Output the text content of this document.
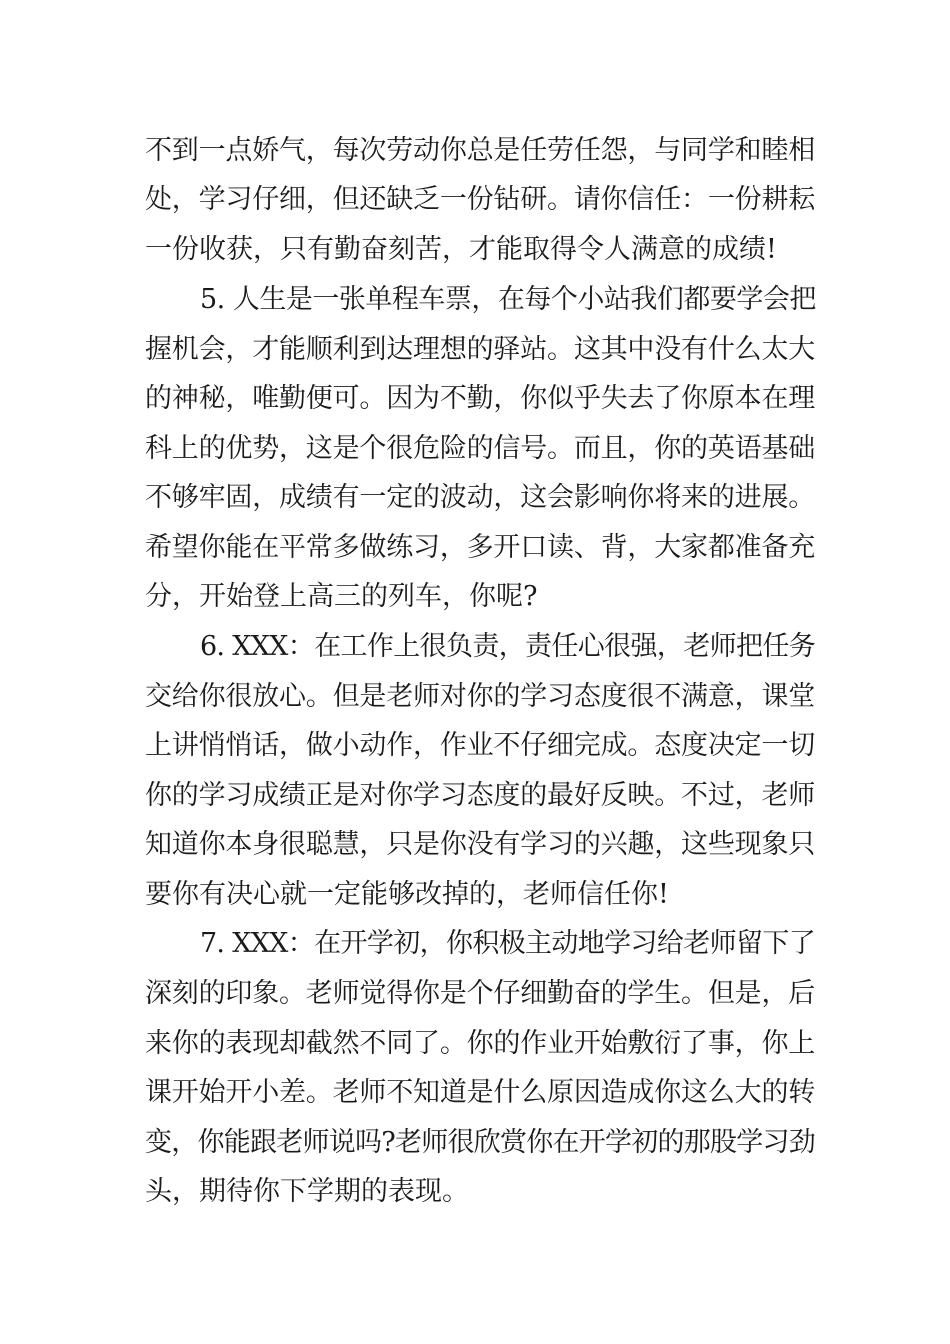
不到一点娇气，每次劳动你总是任劳任怨，与同学和睦相
处，学习仔细，但还缺乏一份钻研。请你信任：一份耕耘
一份收获，只有勤奋刻苦，才能取得令人满意的成绩!
5. 人生是一张单程车票，在每个小站我们都要学会把
握机会，才能顺利到达理想的驿站。这其中没有什么太大
的神秘，唯勤便可。因为不勤，你似乎失去了你原本在理
科上的优势，这是个很危险的信号。而且，你的英语基础
不够牢固，成绩有一定的波动，这会影响你将来的进展。
希望你能在平常多做练习，多开口读、背，大家都准备充
分，开始登上高三的列车，你呢?
6. XXX：在工作上很负责，责任心很强，老师把任务
交给你很放心。但是老师对你的学习态度很不满意，课堂
上讲悄悄话，做小动作，作业不仔细完成。态度决定一切
你的学习成绩正是对你学习态度的最好反映。不过，老师
知道你本身很聪慧，只是你没有学习的兴趣，这些现象只
要你有决心就一定能够改掉的，老师信任你!
7. XXX：在开学初，你积极主动地学习给老师留下了
深刻的印象。老师觉得你是个仔细勤奋的学生。但是，后
来你的表现却截然不同了。你的作业开始敷衍了事，你上
课开始开小差。老师不知道是什么原因造成你这么大的转
变，你能跟老师说吗?老师很欣赏你在开学初的那股学习劲
头，期待你下学期的表现。
